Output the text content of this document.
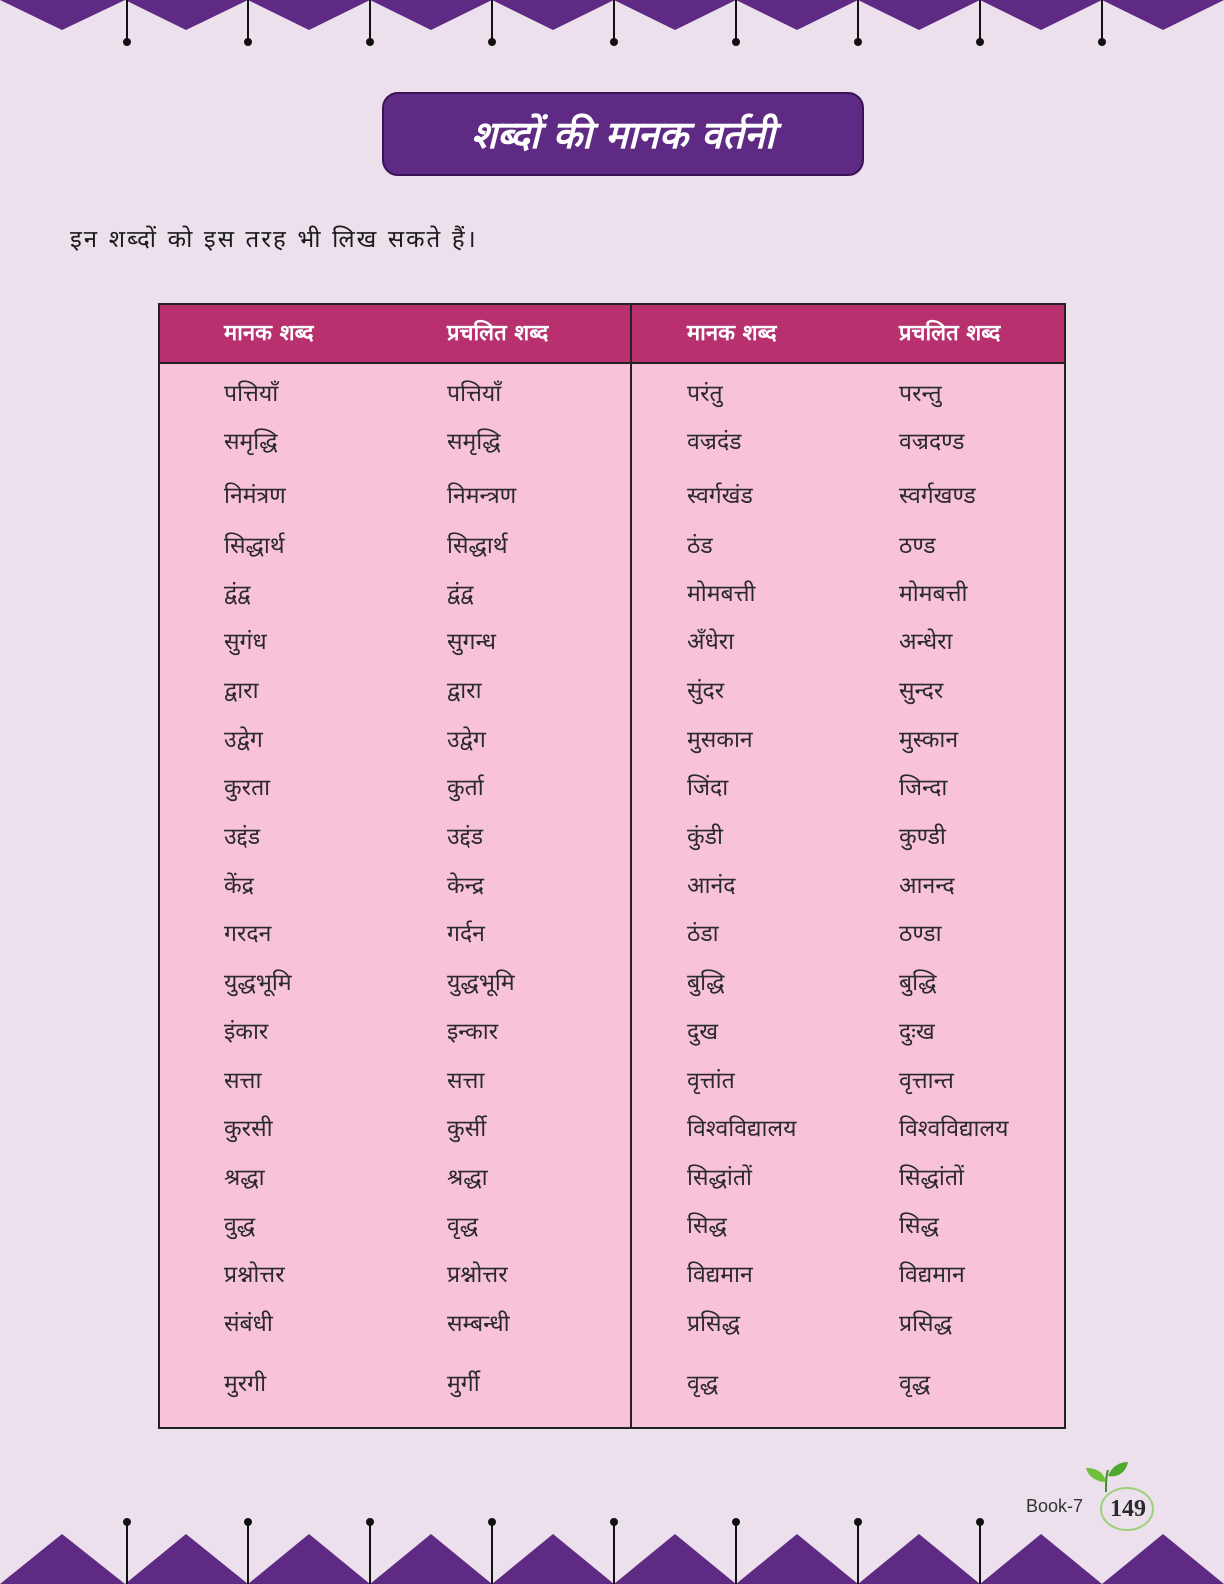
शब्दों की मानक वर्तनी
इन शब्दों को इस तरह भी लिख सकते हैं।
मानक शब्द	प्रचलित शब्द	मानक शब्द	प्रचलित शब्द
पत्तियाँ	पत्तियाँ	परंतु	परन्तु
समृद्धि	समृद्धि	वज्रदंड	वज्रदण्ड
निमंत्रण	निमन्त्रण	स्वर्गखंड	स्वर्गखण्ड
सिद्धार्थ	सिद्धार्थ	ठंड	ठण्ड
द्वंद्व	द्वंद्व	मोमबत्ती	मोमबत्ती
सुगंध	सुगन्ध	अँधेरा	अन्धेरा
द्वारा	द्वारा	सुंदर	सुन्दर
उद्वेग	उद्वेग	मुसकान	मुस्कान
कुरता	कुर्ता	जिंदा	जिन्दा
उद्दंड	उद्दंड	कुंडी	कुण्डी
केंद्र	केन्द्र	आनंद	आनन्द
गरदन	गर्दन	ठंडा	ठण्डा
युद्धभूमि	युद्धभूमि	बुद्धि	बुद्धि
इंकार	इन्कार	दुख	दुःख
सत्ता	सत्ता	वृत्तांत	वृत्तान्त
कुरसी	कुर्सी	विश्वविद्यालय	विश्वविद्यालय
श्रद्धा	श्रद्धा	सिद्धांतों	सिद्धांतों
वुद्ध	वृद्ध	सिद्ध	सिद्ध
प्रश्नोत्तर	प्रश्नोत्तर	विद्यमान	विद्यमान
संबंधी	सम्बन्धी	प्रसिद्ध	प्रसिद्ध
मुरगी	मुर्गी	वृद्ध	वृद्ध
Book-7 149
